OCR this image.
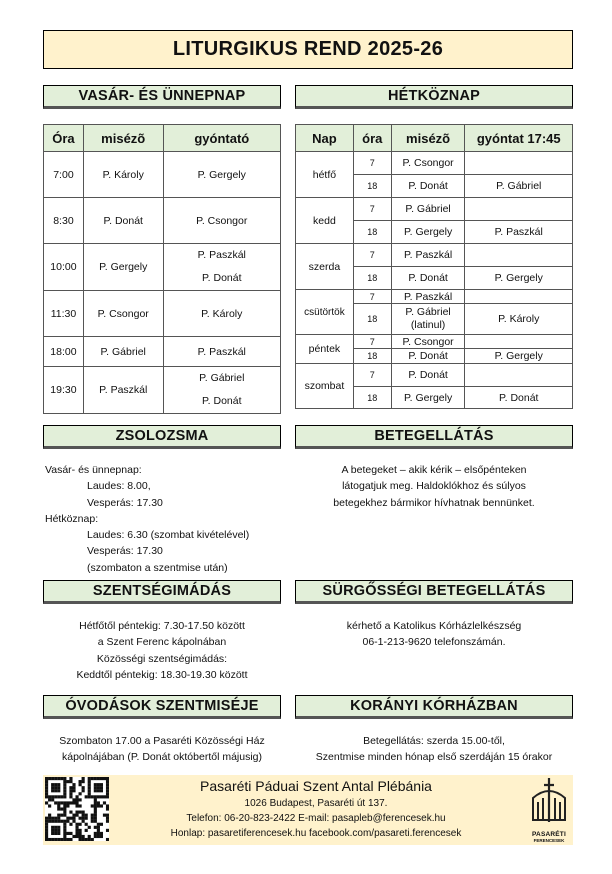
LITURGIKUS REND 2025-26
VASÁR- ÉS ÜNNEPNAP	HÉTKÖZNAP
Óra	misézõ	gyóntató
7:00	P. Károly	P. Gergely
8:30	P. Donát	P. Csongor
10:00	P. Gergely	P. Paszkál
P. Donát

11:30	P. Csongor	P. Károly
18:00	P. Gábriel	P. Paszkál
19:30	P. Paszkál	P. Gábriel
P. Donát
Nap	óra	misézõ	gyóntat 17:45
hétfő	7	P. Csongor	
	18	P. Donát	P. Gábriel
kedd	7	P. Gábriel	
	18	P. Gergely	P. Paszkál
szerda	7	P. Paszkál	
	18	P. Donát	P. Gergely
csütörtök	7	P. Paszkál	
	18	P. Gábriel (latinul)	P. Károly
péntek	7	P. Csongor	
	18	P. Donát	P. Gergely
szombat	7	P. Donát	
	18	P. Gergely	P. Donát
ZSOLOZSMA	BETEGELLÁTÁS
Vasár- és ünnepnap:
Laudes: 8.00,
Vesperás: 17.30
Hétköznap:
Laudes: 6.30 (szombat kivételével)
Vesperás: 17.30
(szombaton a szentmise után)
A betegeket – akik kérik – elsőpénteken
látogatjuk meg. Haldoklókhoz és súlyos
betegekhez bármikor hívhatnak bennünket.
SZENTSÉGIMÁDÁS	SÜRGŐSSÉGI BETEGELLÁTÁS
Hétfőtől péntekig: 7.30-17.50 között
a Szent Ferenc kápolnában
Közösségi szentségimádás:
Keddtől péntekig: 18.30-19.30 között
kérhető a Katolikus Kórházlelkészség
06-1-213-9620 telefonszámán.
ÓVODÁSOK SZENTMISÉJE	KORÁNYI KÓRHÁZBAN
Szombaton 17.00 a Pasaréti Közösségi Ház
kápolnájában (P. Donát októbertől májusig)
Betegellátás: szerda 15.00-től,
Szentmise minden hónap első szerdáján 15 órakor
Pasaréti Páduai Szent Antal Plébánia
1026 Budapest, Pasaréti út 137.
Telefon: 06-20-823-2422 E-mail: pasapleb@ferencesek.hu
Honlap: pasaretiferencesek.hu facebook.com/pasareti.ferencesek	PASARÉTI
FERENCESEK
